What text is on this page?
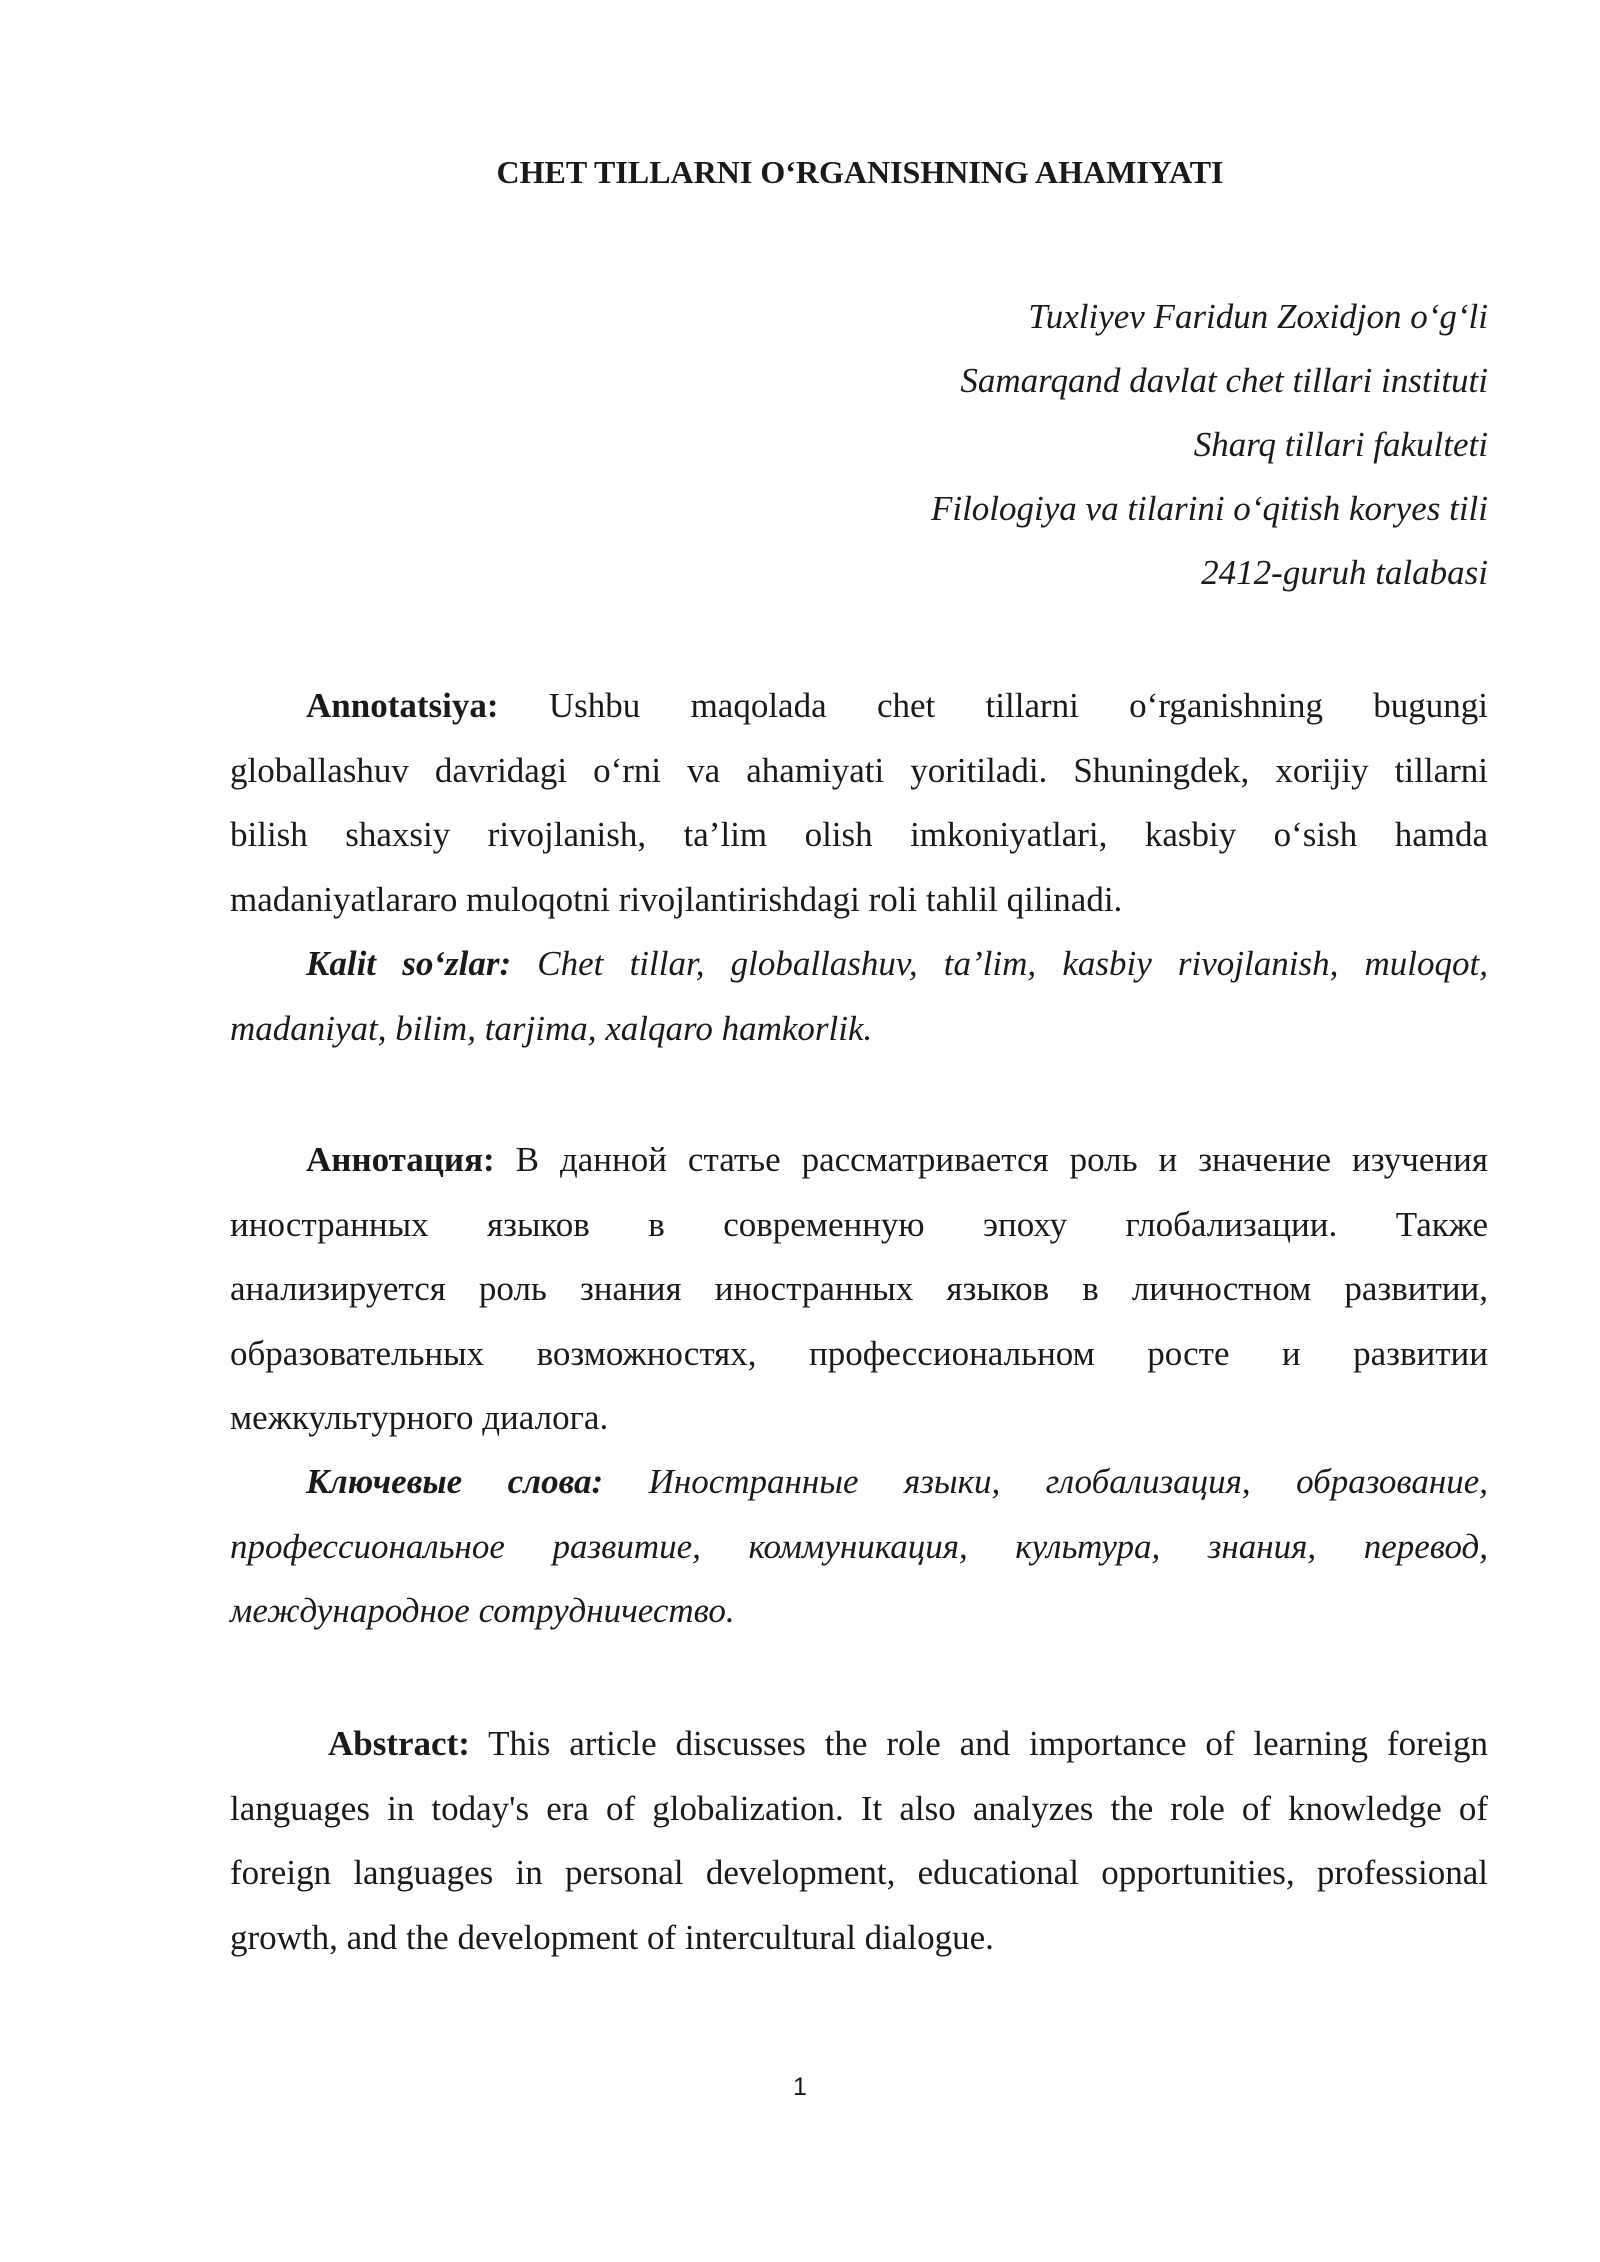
CHET TILLARNI O‘RGANISHNING AHAMIYATI
Tuxliyev Faridun Zoxidjon o‘g‘li
Samarqand davlat chet tillari instituti
Sharq tillari fakulteti
Filologiya va tilarini o‘qitish koryes tili
2412-guruh talabasi
Annotatsiya: Ushbu maqolada chet tillarni o‘rganishning bugungi
globallashuv davridagi o‘rni va ahamiyati yoritiladi. Shuningdek, xorijiy tillarni
bilish shaxsiy rivojlanish, ta’lim olish imkoniyatlari, kasbiy o‘sish hamda
madaniyatlararo muloqotni rivojlantirishdagi roli tahlil qilinadi.
Kalit so‘zlar: Chet tillar, globallashuv, ta’lim, kasbiy rivojlanish, muloqot,
madaniyat, bilim, tarjima, xalqaro hamkorlik.
Аннотация: В данной статье рассматривается роль и значение изучения
иностранных языков в современную эпоху глобализации. Также
анализируется роль знания иностранных языков в личностном развитии,
образовательных возможностях, профессиональном росте и развитии
межкультурного диалога.
Ключевые слова: Иностранные языки, глобализация, образование,
профессиональное развитие, коммуникация, культура, знания, перевод,
международное сотрудничество.
Abstract: This article discusses the role and importance of learning foreign
languages in today's era of globalization. It also analyzes the role of knowledge of
foreign languages in personal development, educational opportunities, professional
growth, and the development of intercultural dialogue.
1
